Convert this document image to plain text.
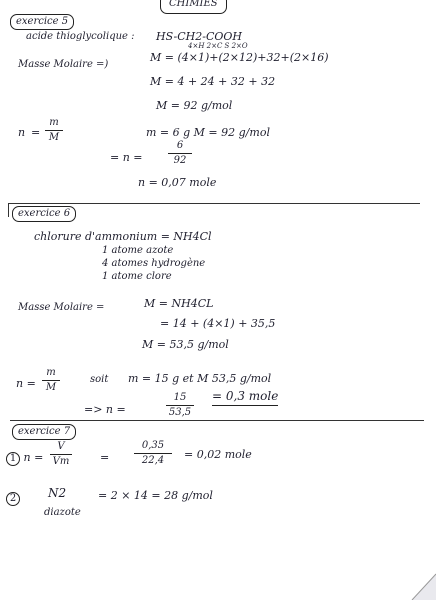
CHIMIES
exercice 5
acide thioglycolique : HS-CH2-COOH
4×H 2×C S 2×O
Masse Molaire =)
M = (4×1)+(2×12)+32+(2×16)
M = 4 + 24 + 32 + 32
M = 92 g/mol
n =
m
M	m = 6 g M = 92 g/mol
= n =
6
92
n = 0,07 mole
exercice 6
chlorure d'ammonium = NH4Cl
1 atome azote
4 atomes hydrogène
1 atome clore
Masse Molaire =	M = NH4CL
= 14 + (4×1) + 35,5
M = 53,5 g/mol
n =
m
M
soit m = 15 g et M 53,5 g/mol
=> n =
15
53,5
= 0,3 mole
exercice 7
1 n =
V
Vm	=
0,35
22,4	= 0,02 mole
2	N2
diazote
= 2 × 14 = 28 g/mol
